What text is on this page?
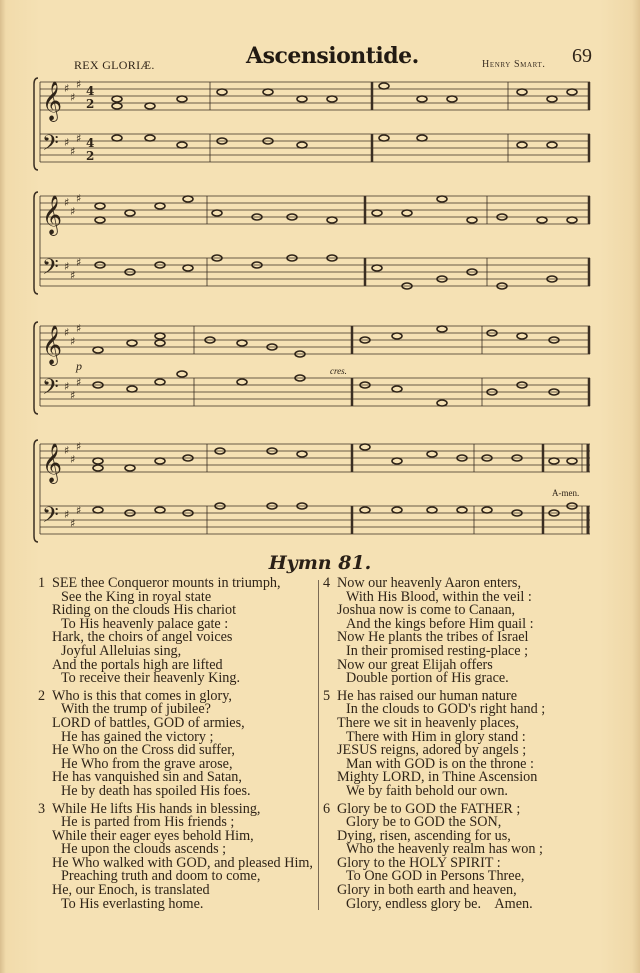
REX GLORIÆ.	Ascensiontide.	Henry Smart. 69
𝄞
𝄢
♯
♯
♯
♯
♯
♯
4
2
4
2
𝄞
𝄢
♯
♯
♯
♯
♯
♯
𝄞
𝄢
♯
♯
♯
♯
♯
♯
p	cres.
𝄞
𝄢
♯
♯
♯
♯
♯
♯
A-men.
Hymn 81.
1 SEE thee Conqueror mounts in triumph,
See the King in royal state
Riding on the clouds His chariot
To His heavenly palace gate :
Hark, the choirs of angel voices
Joyful Alleluias sing,
And the portals high are lifted
To receive their heavenly King.
2 Who is this that comes in glory,
With the trump of jubilee?
LORD of battles, GOD of armies,
He has gained the victory ;
He Who on the Cross did suffer,
He Who from the grave arose,
He has vanquished sin and Satan,
He by death has spoiled His foes.
3 While He lifts His hands in blessing,
He is parted from His friends ;
While their eager eyes behold Him,
He upon the clouds ascends ;
He Who walked with GOD, and pleased Him,
Preaching truth and doom to come,
He, our Enoch, is translated
To His everlasting home.
4 Now our heavenly Aaron enters,
With His Blood, within the veil :
Joshua now is come to Canaan,
And the kings before Him quail :
Now He plants the tribes of Israel
In their promised resting-place ;
Now our great Elijah offers
Double portion of His grace.
5 He has raised our human nature
In the clouds to GOD's right hand ;
There we sit in heavenly places,
There with Him in glory stand :
JESUS reigns, adored by angels ;
Man with GOD is on the throne :
Mighty LORD, in Thine Ascension
We by faith behold our own.
6 Glory be to GOD the FATHER ;
Glory be to GOD the SON,
Dying, risen, ascending for us,
Who the heavenly realm has won ;
Glory to the HOLY SPIRIT :
To One GOD in Persons Three,
Glory in both earth and heaven,
Glory, endless glory be.    Amen.
